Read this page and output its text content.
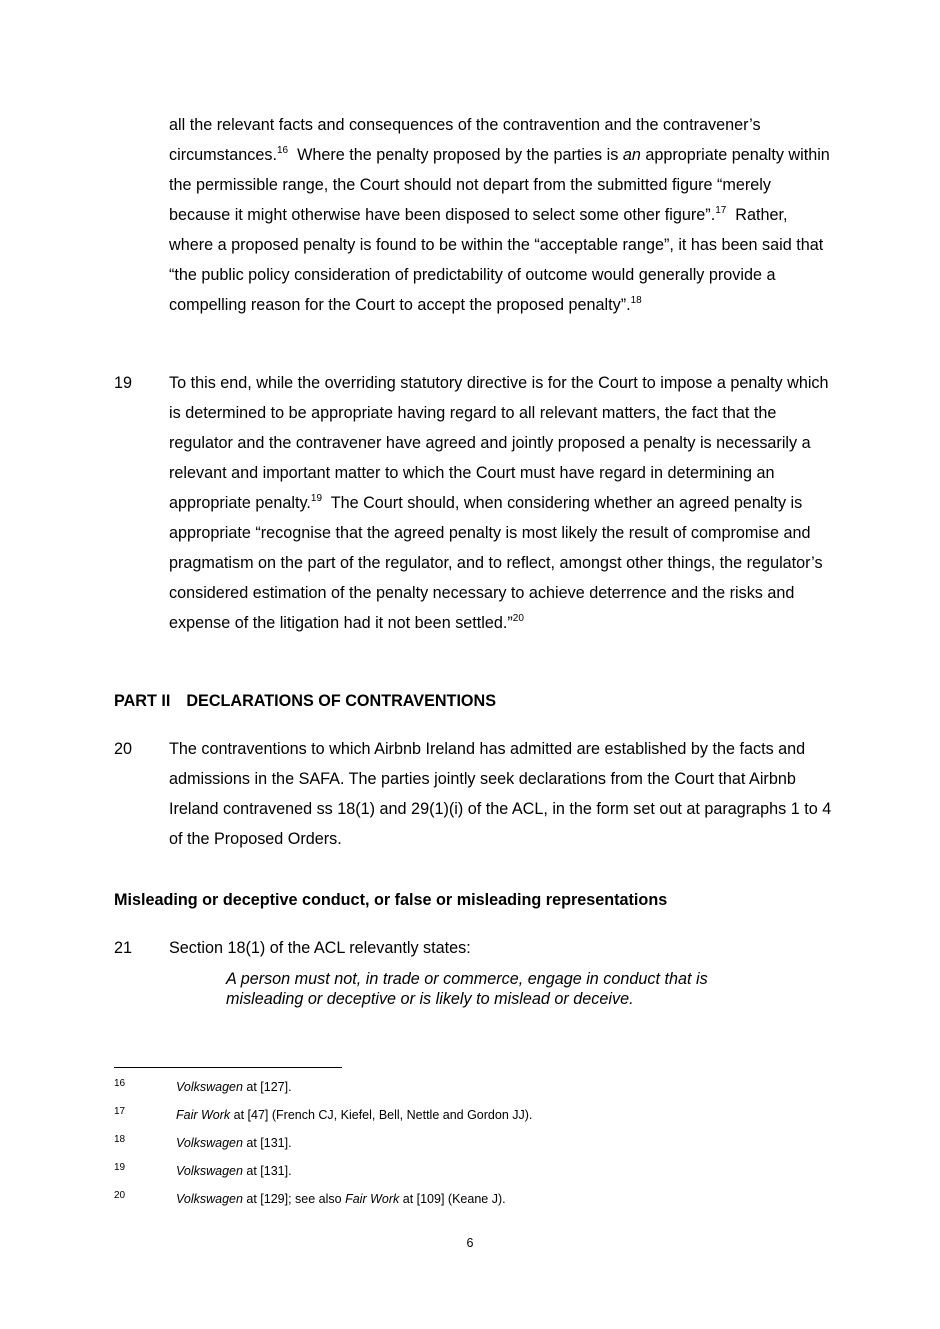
all the relevant facts and consequences of the contravention and the contravener’s circumstances.$^{16}$  Where the penalty proposed by the parties is an appropriate penalty within the permissible range, the Court should not depart from the submitted figure “merely because it might otherwise have been disposed to select some other figure”.$^{17}$  Rather, where a proposed penalty is found to be within the “acceptable range”, it has been said that “the public policy consideration of predictability of outcome would generally provide a compelling reason for the Court to accept the proposed penalty”.$^{18}$
19 To this end, while the overriding statutory directive is for the Court to impose a penalty which is determined to be appropriate having regard to all relevant matters, the fact that the regulator and the contravener have agreed and jointly proposed a penalty is necessarily a relevant and important matter to which the Court must have regard in determining an appropriate penalty.$^{19}$  The Court should, when considering whether an agreed penalty is appropriate “recognise that the agreed penalty is most likely the result of compromise and pragmatism on the part of the regulator, and to reflect, amongst other things, the regulator’s considered estimation of the penalty necessary to achieve deterrence and the risks and expense of the litigation had it not been settled.”$^{20}$
PART II DECLARATIONS OF CONTRAVENTIONS
20 The contraventions to which Airbnb Ireland has admitted are established by the facts and admissions in the SAFA. The parties jointly seek declarations from the Court that Airbnb Ireland contravened ss 18(1) and 29(1)(i) of the ACL, in the form set out at paragraphs 1 to 4 of the Proposed Orders.
Misleading or deceptive conduct, or false or misleading representations
21 Section 18(1) of the ACL relevantly states:
A person must not, in trade or commerce, engage in conduct that is misleading or deceptive or is likely to mislead or deceive.
16	Volkswagen at [127].
17	Fair Work at [47] (French CJ, Kiefel, Bell, Nettle and Gordon JJ).
18	Volkswagen at [131].
19	Volkswagen at [131].
20	Volkswagen at [129]; see also Fair Work at [109] (Keane J).
6
